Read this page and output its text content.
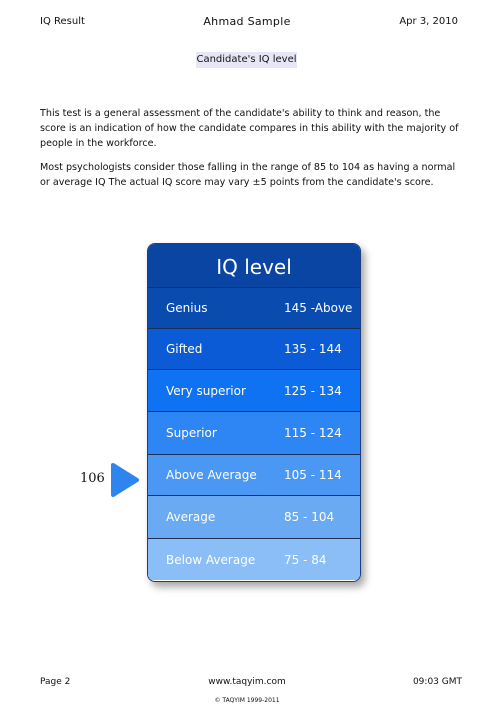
IQ Result	Ahmad Sample	Apr 3, 2010
Candidate's IQ level

This test is a general assessment of the candidate's ability to think and reason, the score is an indication of how the candidate compares in this ability with the majority of people in the workforce.

Most psychologists consider those falling in the range of 85 to 104 as having a normal or average IQ The actual IQ score may vary ±5 points from the candidate's score.

IQ level
Genius	145 -Above
Gifted	135 - 144
Very superior	125 - 134
Superior	115 - 124
Above Average 105 - 114
Average	85 - 104
Below Average 75 - 84
106
Page 2	www.taqyim.com	09:03 GMT
© TAQYIM 1999-2011
